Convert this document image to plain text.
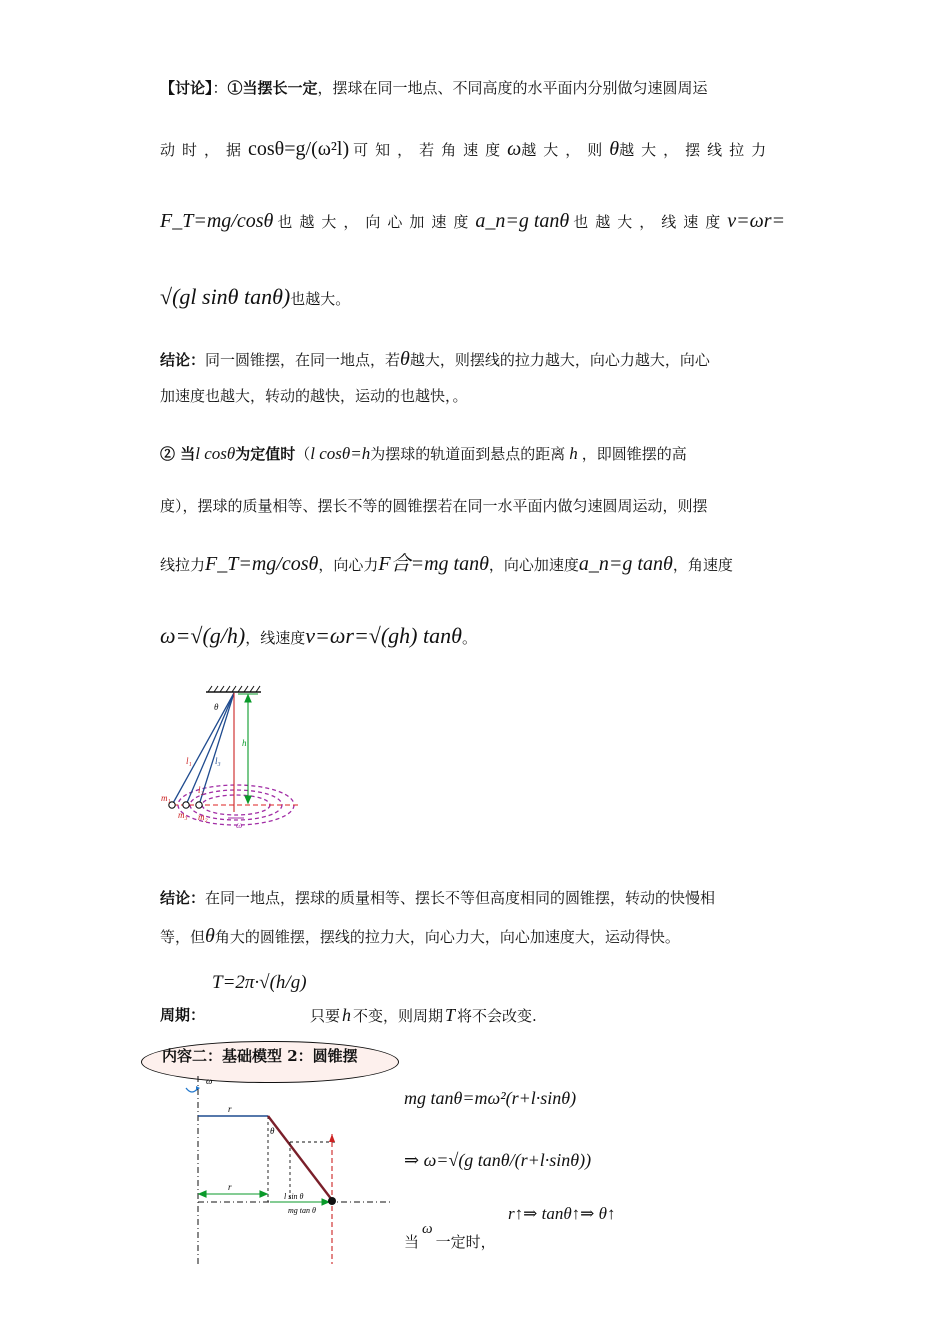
【讨论】：①当摆长一定，摆球在同一地点、不同高度的水平面内分别做匀速圆周运
动时，据cosθ=g/(ω²l) 可知，若角速度ω越大，则θ越大，摆线拉力
F_T=mg/cosθ 也越大，向心加速度a_n=g tanθ 也越大，线速度v=ωr=
√(gl sinθ tanθ)也越大。
结论：同一圆锥摆，在同一地点，若θ越大，则摆线的拉力越大，向心力越大，向心
加速度也越大，转动的越快，运动的也越快，。
② 当l cosθ为定值时（l cosθ=h为摆球的轨道面到悬点的距离 h ，即圆锥摆的高
度），摆球的质量相等、摆长不等的圆锥摆若在同一水平面内做匀速圆周运动，则摆
线拉力F_T=mg/cosθ，向心力F合=mg tanθ，向心加速度a_n=g tanθ，角速度
ω=√(g/h)，线速度v=ωr=√(gh) tanθ。
θ
h
l₁
l₂
l₃
m₁
m₂
m₃
ω
结论：在同一地点，摆球的质量相等、摆长不等但高度相同的圆锥摆，转动的快慢相
等，但θ角大的圆锥摆，摆线的拉力大，向心力大，向心加速度大，运动得快。
周期：
T=2π·√(h/g)
只要 h 不变，则周期 T 将不会改变.
内容二：基础模型 2：圆锥摆
ω
r
θ
r
l sin θ
mg tan θ
mg tanθ=mω²(r+l·sinθ)
⇒ ω=√(g tanθ/(r+l·sinθ))
当ω一定时，
r↑⇒ tanθ↑⇒ θ↑
